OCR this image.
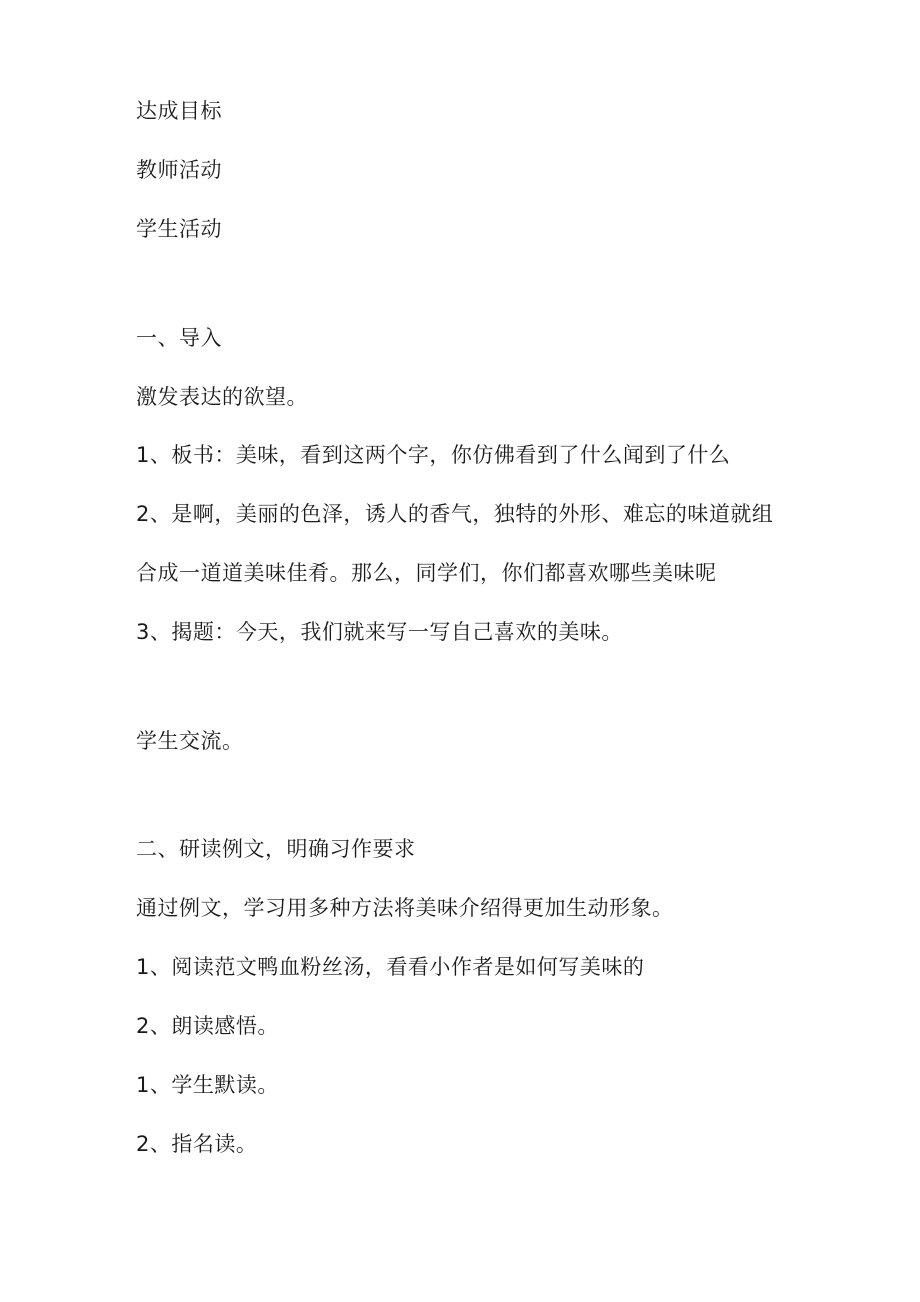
达成目标
教师活动
学生活动
一、导入
激发表达的欲望。
1、板书：美味，看到这两个字，你仿佛看到了什么闻到了什么
2、是啊，美丽的色泽，诱人的香气，独特的外形、难忘的味道就组
合成一道道美味佳肴。那么，同学们，你们都喜欢哪些美味呢
3、揭题：今天，我们就来写一写自己喜欢的美味。
学生交流。
二、研读例文，明确习作要求
通过例文，学习用多种方法将美味介绍得更加生动形象。
1、阅读范文鸭血粉丝汤，看看小作者是如何写美味的
2、朗读感悟。
1、学生默读。
2、指名读。
